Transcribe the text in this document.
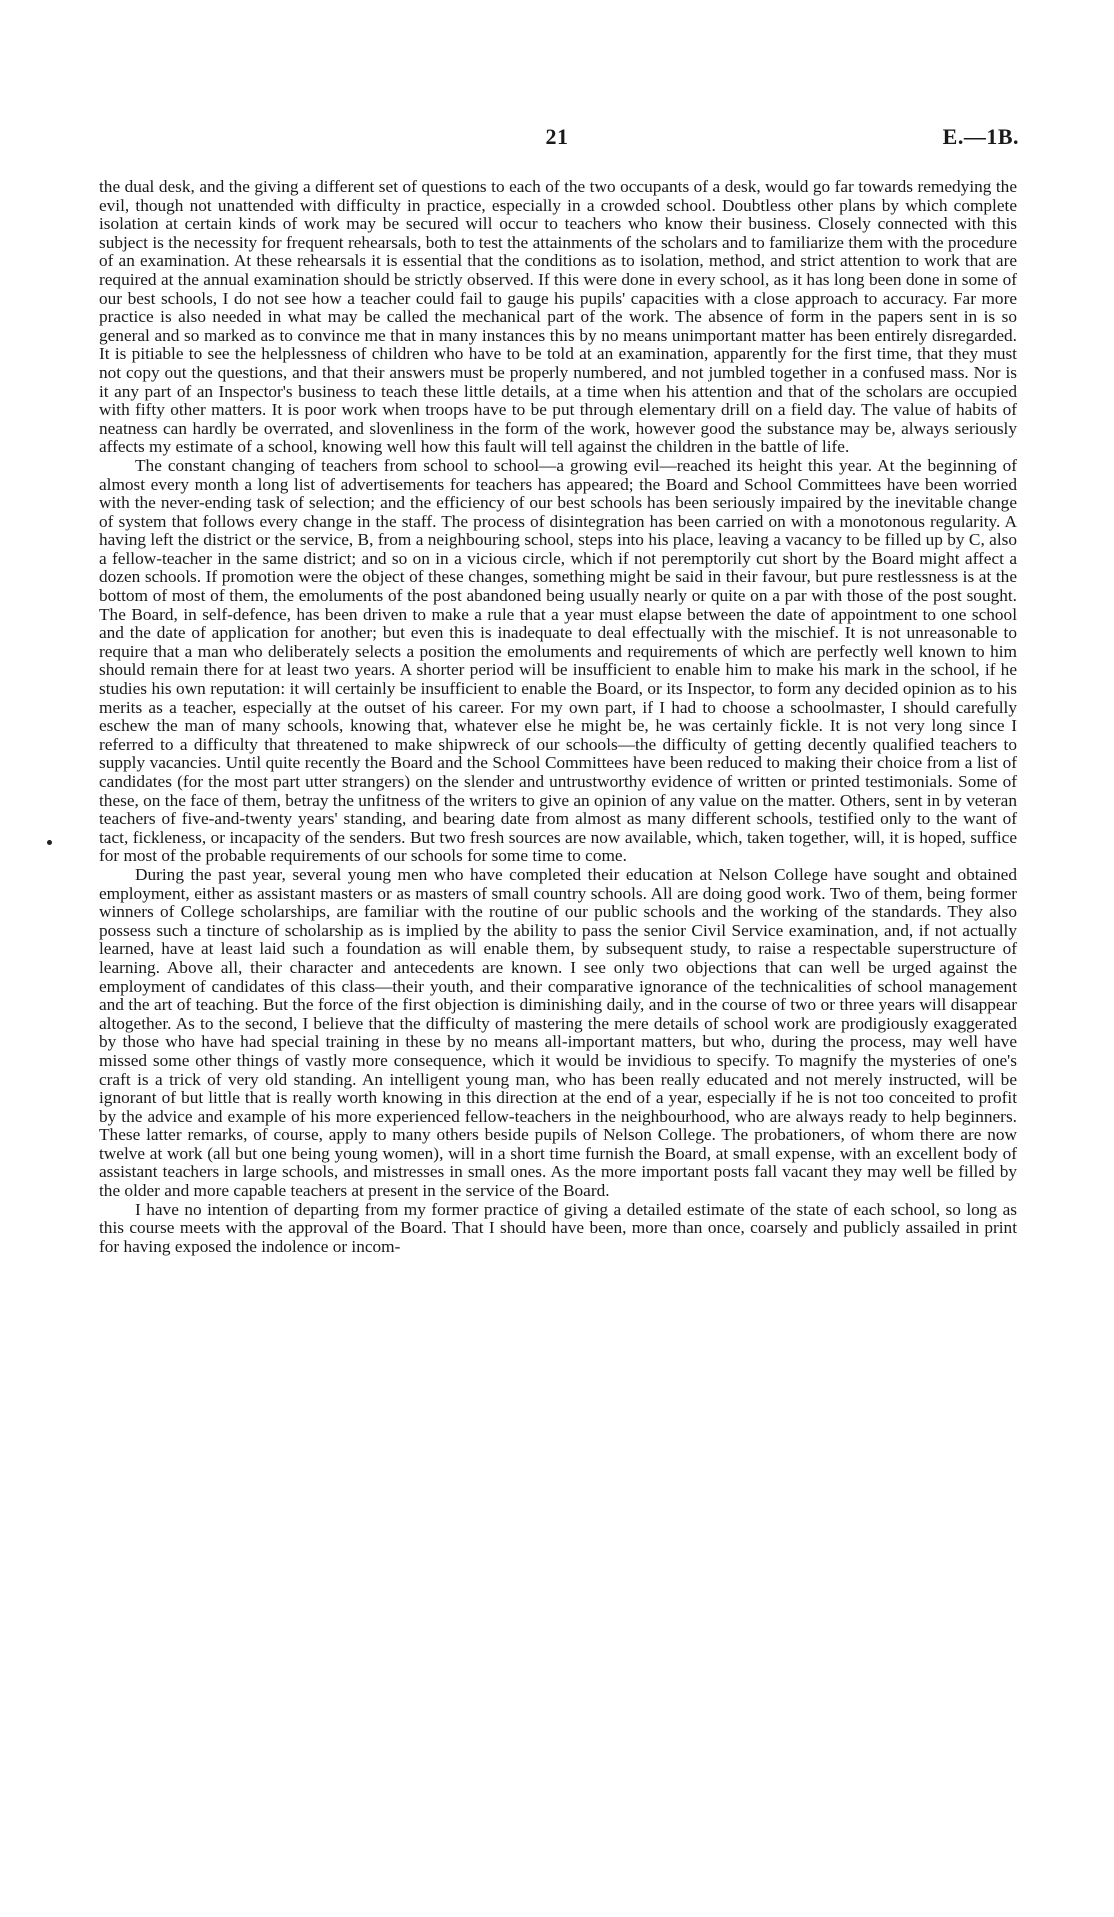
21	E.—1B.

the dual desk, and the giving a different set of questions to each of the two occupants of a desk, would go far towards remedying the evil, though not unattended with difficulty in practice, especially in a crowded school. Doubtless other plans by which complete isolation at certain kinds of work may be secured will occur to teachers who know their business. Closely connected with this subject is the necessity for frequent rehearsals, both to test the attainments of the scholars and to familiarize them with the procedure of an examination. At these rehearsals it is essential that the conditions as to isolation, method, and strict attention to work that are required at the annual examination should be strictly observed. If this were done in every school, as it has long been done in some of our best schools, I do not see how a teacher could fail to gauge his pupils' capacities with a close approach to accuracy. Far more practice is also needed in what may be called the mechanical part of the work. The absence of form in the papers sent in is so general and so marked as to convince me that in many instances this by no means unimportant matter has been entirely disregarded. It is pitiable to see the helplessness of children who have to be told at an examination, apparently for the first time, that they must not copy out the questions, and that their answers must be properly numbered, and not jumbled together in a confused mass. Nor is it any part of an Inspector's business to teach these little details, at a time when his attention and that of the scholars are occupied with fifty other matters. It is poor work when troops have to be put through elementary drill on a field day. The value of habits of neatness can hardly be overrated, and slovenliness in the form of the work, however good the substance may be, always seriously affects my estimate of a school, knowing well how this fault will tell against the children in the battle of life.

The constant changing of teachers from school to school—a growing evil—reached its height this year. At the beginning of almost every month a long list of advertisements for teachers has appeared; the Board and School Committees have been worried with the never-ending task of selection; and the efficiency of our best schools has been seriously impaired by the inevitable change of system that follows every change in the staff. The process of disintegration has been carried on with a monotonous regularity. A having left the district or the service, B, from a neighbouring school, steps into his place, leaving a vacancy to be filled up by C, also a fellow-teacher in the same district; and so on in a vicious circle, which if not peremptorily cut short by the Board might affect a dozen schools. If promotion were the object of these changes, something might be said in their favour, but pure restlessness is at the bottom of most of them, the emoluments of the post abandoned being usually nearly or quite on a par with those of the post sought. The Board, in self-defence, has been driven to make a rule that a year must elapse between the date of appointment to one school and the date of application for another; but even this is inadequate to deal effectually with the mischief. It is not unreasonable to require that a man who deliberately selects a position the emoluments and requirements of which are perfectly well known to him should remain there for at least two years. A shorter period will be insufficient to enable him to make his mark in the school, if he studies his own reputation: it will certainly be insufficient to enable the Board, or its Inspector, to form any decided opinion as to his merits as a teacher, especially at the outset of his career. For my own part, if I had to choose a schoolmaster, I should carefully eschew the man of many schools, knowing that, whatever else he might be, he was certainly fickle. It is not very long since I referred to a difficulty that threatened to make shipwreck of our schools—the difficulty of getting decently qualified teachers to supply vacancies. Until quite recently the Board and the School Committees have been reduced to making their choice from a list of candidates (for the most part utter strangers) on the slender and untrustworthy evidence of written or printed testimonials. Some of these, on the face of them, betray the unfitness of the writers to give an opinion of any value on the matter. Others, sent in by veteran teachers of five-and-twenty years' standing, and bearing date from almost as many different schools, testified only to the want of tact, fickleness, or incapacity of the senders. But two fresh sources are now available, which, taken together, will, it is hoped, suffice for most of the probable requirements of our schools for some time to come.

During the past year, several young men who have completed their education at Nelson College have sought and obtained employment, either as assistant masters or as masters of small country schools. All are doing good work. Two of them, being former winners of College scholarships, are familiar with the routine of our public schools and the working of the standards. They also possess such a tincture of scholarship as is implied by the ability to pass the senior Civil Service examination, and, if not actually learned, have at least laid such a foundation as will enable them, by subsequent study, to raise a respectable superstructure of learning. Above all, their character and antecedents are known. I see only two objections that can well be urged against the employment of candidates of this class—their youth, and their comparative ignorance of the technicalities of school management and the art of teaching. But the force of the first objection is diminishing daily, and in the course of two or three years will disappear altogether. As to the second, I believe that the difficulty of mastering the mere details of school work are prodigiously exaggerated by those who have had special training in these by no means all-important matters, but who, during the process, may well have missed some other things of vastly more consequence, which it would be invidious to specify. To magnify the mysteries of one's craft is a trick of very old standing. An intelligent young man, who has been really educated and not merely instructed, will be ignorant of but little that is really worth knowing in this direction at the end of a year, especially if he is not too conceited to profit by the advice and example of his more experienced fellow-teachers in the neighbourhood, who are always ready to help beginners. These latter remarks, of course, apply to many others beside pupils of Nelson College. The probationers, of whom there are now twelve at work (all but one being young women), will in a short time furnish the Board, at small expense, with an excellent body of assistant teachers in large schools, and mistresses in small ones. As the more important posts fall vacant they may well be filled by the older and more capable teachers at present in the service of the Board.

I have no intention of departing from my former practice of giving a detailed estimate of the state of each school, so long as this course meets with the approval of the Board. That I should have been, more than once, coarsely and publicly assailed in print for having exposed the indolence or incom-
